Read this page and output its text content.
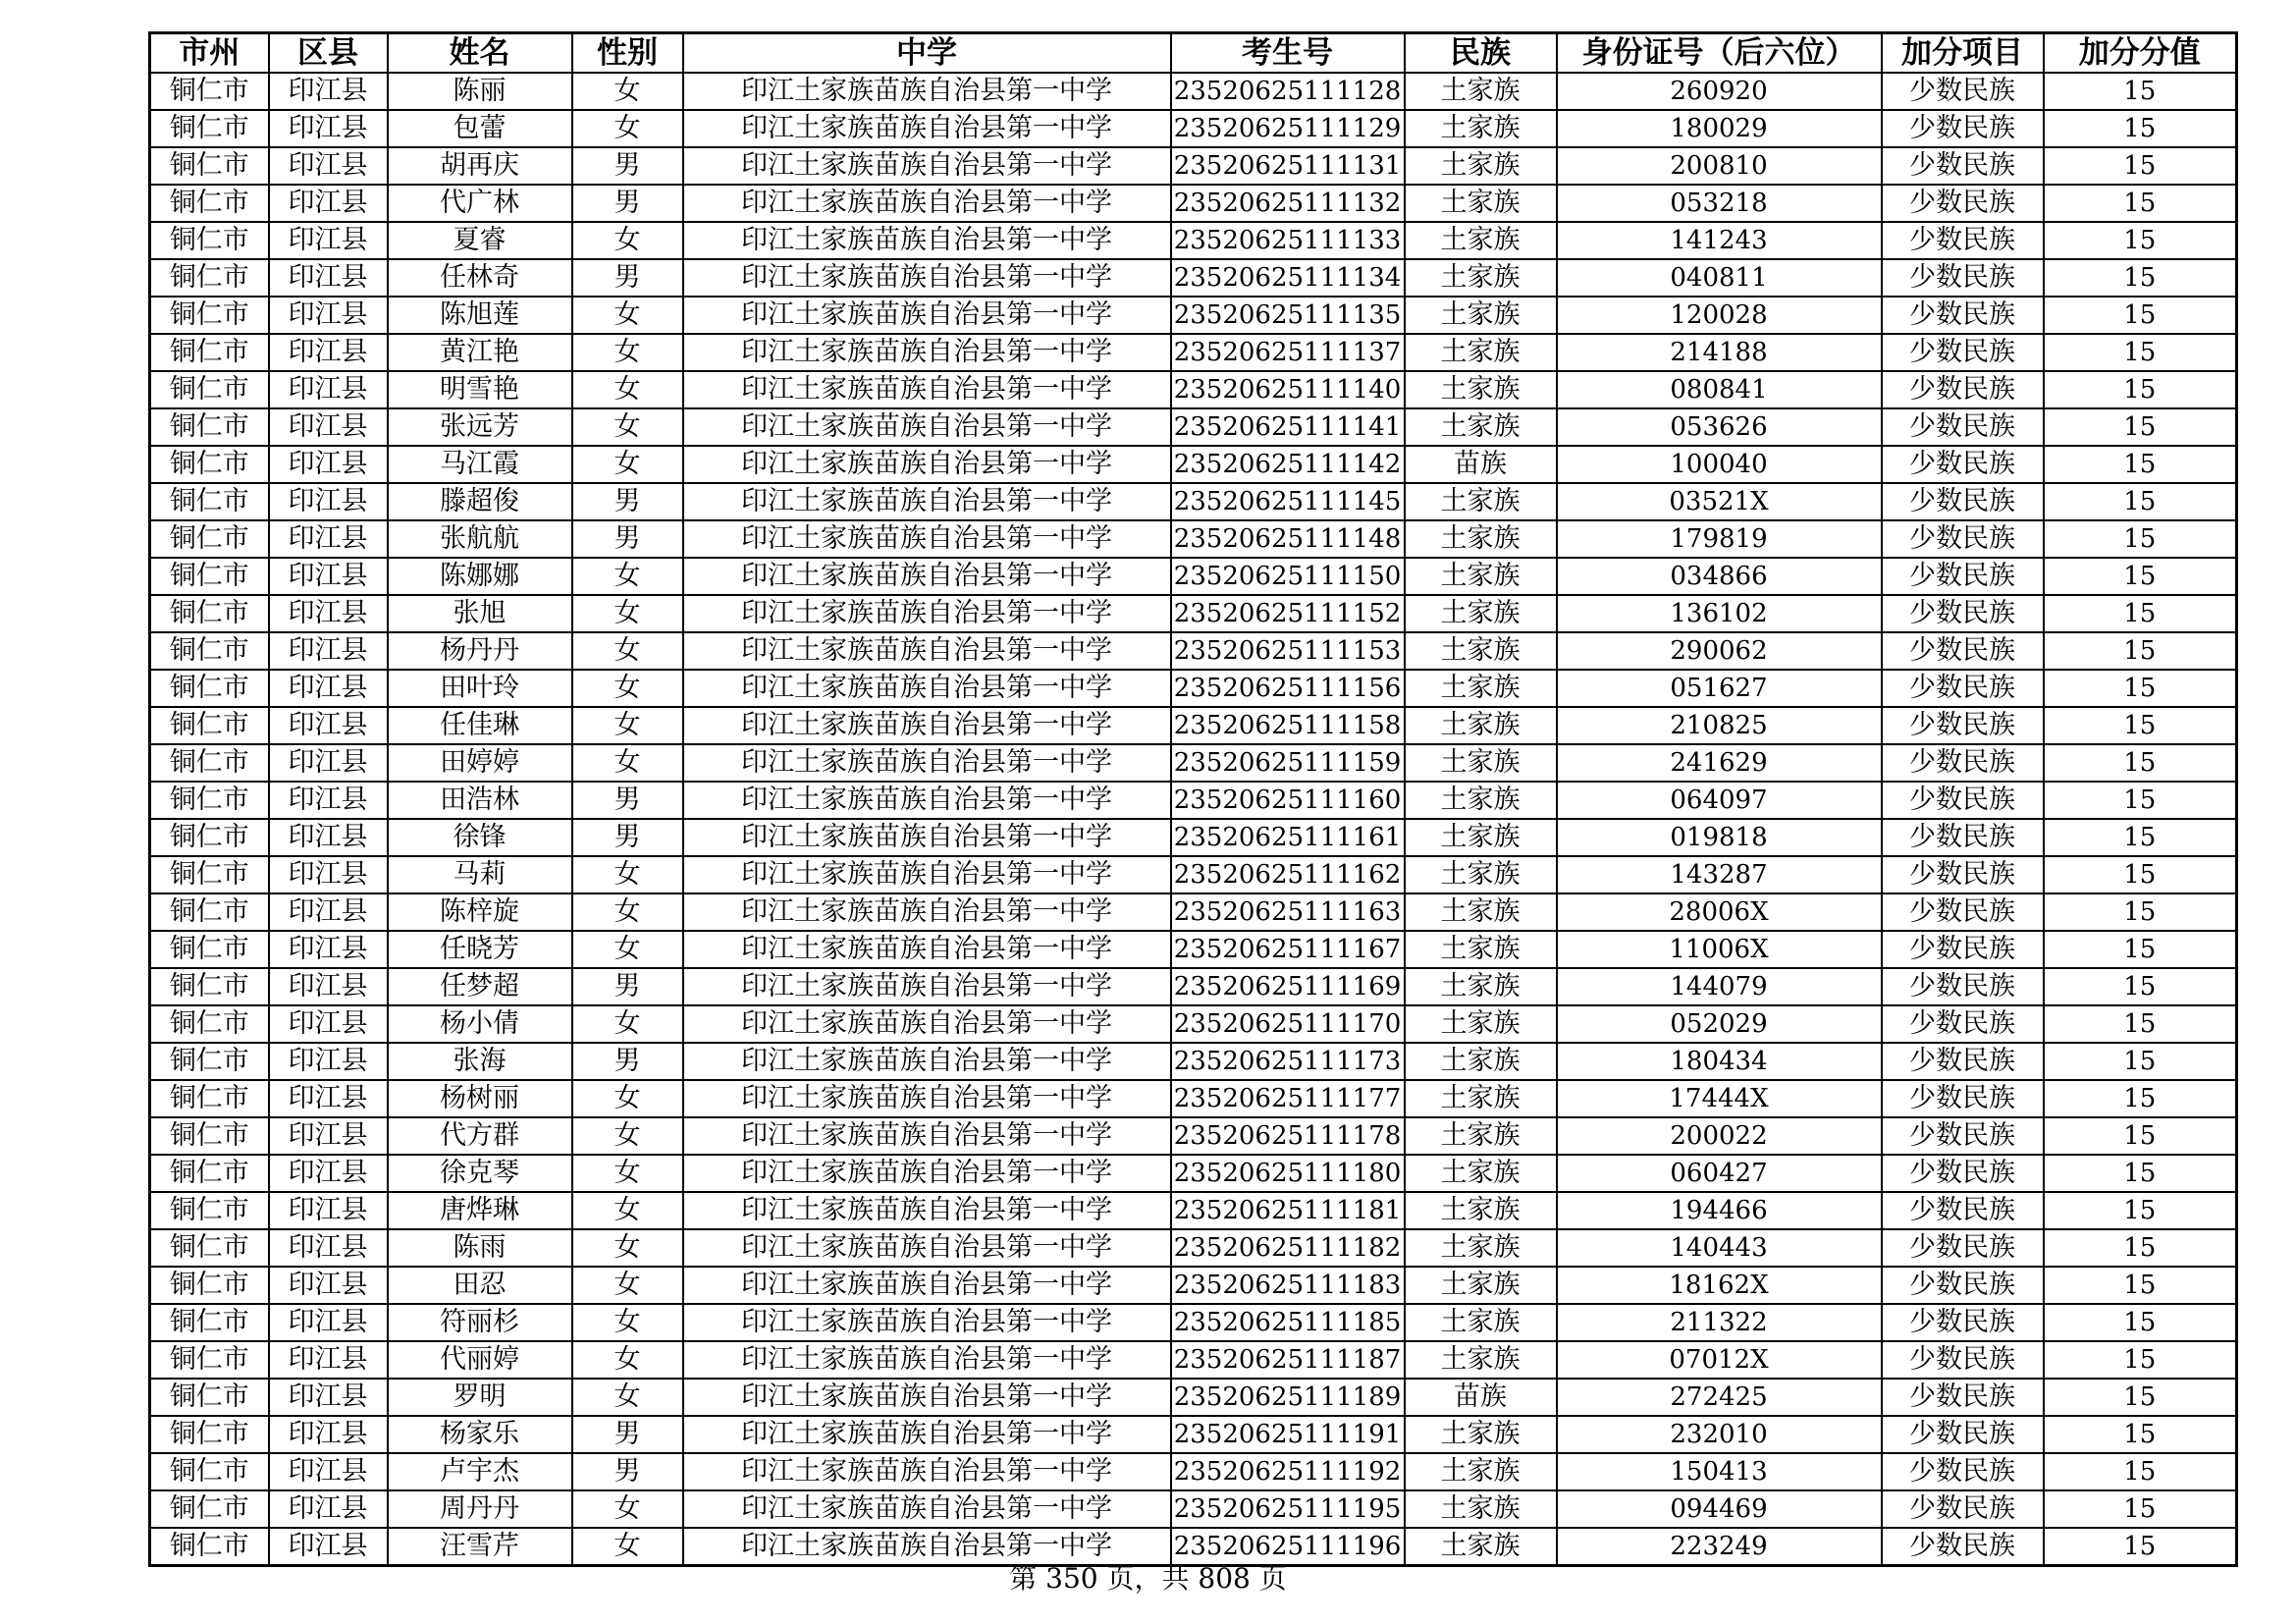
市州	区县	姓名	性别	中学	考生号	民族	身份证号（后六位）	加分项目	加分分值
铜仁市	印江县	陈丽	女	印江土家族苗族自治县第一中学	23520625111128	土家族	260920	少数民族	15
铜仁市	印江县	包蕾	女	印江土家族苗族自治县第一中学	23520625111129	土家族	180029	少数民族	15
铜仁市	印江县	胡再庆	男	印江土家族苗族自治县第一中学	23520625111131	土家族	200810	少数民族	15
铜仁市	印江县	代广林	男	印江土家族苗族自治县第一中学	23520625111132	土家族	053218	少数民族	15
铜仁市	印江县	夏睿	女	印江土家族苗族自治县第一中学	23520625111133	土家族	141243	少数民族	15
铜仁市	印江县	任林奇	男	印江土家族苗族自治县第一中学	23520625111134	土家族	040811	少数民族	15
铜仁市	印江县	陈旭莲	女	印江土家族苗族自治县第一中学	23520625111135	土家族	120028	少数民族	15
铜仁市	印江县	黄江艳	女	印江土家族苗族自治县第一中学	23520625111137	土家族	214188	少数民族	15
铜仁市	印江县	明雪艳	女	印江土家族苗族自治县第一中学	23520625111140	土家族	080841	少数民族	15
铜仁市	印江县	张远芳	女	印江土家族苗族自治县第一中学	23520625111141	土家族	053626	少数民族	15
铜仁市	印江县	马江霞	女	印江土家族苗族自治县第一中学	23520625111142	苗族	100040	少数民族	15
铜仁市	印江县	滕超俊	男	印江土家族苗族自治县第一中学	23520625111145	土家族	03521X	少数民族	15
铜仁市	印江县	张航航	男	印江土家族苗族自治县第一中学	23520625111148	土家族	179819	少数民族	15
铜仁市	印江县	陈娜娜	女	印江土家族苗族自治县第一中学	23520625111150	土家族	034866	少数民族	15
铜仁市	印江县	张旭	女	印江土家族苗族自治县第一中学	23520625111152	土家族	136102	少数民族	15
铜仁市	印江县	杨丹丹	女	印江土家族苗族自治县第一中学	23520625111153	土家族	290062	少数民族	15
铜仁市	印江县	田叶玲	女	印江土家族苗族自治县第一中学	23520625111156	土家族	051627	少数民族	15
铜仁市	印江县	任佳琳	女	印江土家族苗族自治县第一中学	23520625111158	土家族	210825	少数民族	15
铜仁市	印江县	田婷婷	女	印江土家族苗族自治县第一中学	23520625111159	土家族	241629	少数民族	15
铜仁市	印江县	田浩林	男	印江土家族苗族自治县第一中学	23520625111160	土家族	064097	少数民族	15
铜仁市	印江县	徐锋	男	印江土家族苗族自治县第一中学	23520625111161	土家族	019818	少数民族	15
铜仁市	印江县	马莉	女	印江土家族苗族自治县第一中学	23520625111162	土家族	143287	少数民族	15
铜仁市	印江县	陈梓旋	女	印江土家族苗族自治县第一中学	23520625111163	土家族	28006X	少数民族	15
铜仁市	印江县	任晓芳	女	印江土家族苗族自治县第一中学	23520625111167	土家族	11006X	少数民族	15
铜仁市	印江县	任梦超	男	印江土家族苗族自治县第一中学	23520625111169	土家族	144079	少数民族	15
铜仁市	印江县	杨小倩	女	印江土家族苗族自治县第一中学	23520625111170	土家族	052029	少数民族	15
铜仁市	印江县	张海	男	印江土家族苗族自治县第一中学	23520625111173	土家族	180434	少数民族	15
铜仁市	印江县	杨树丽	女	印江土家族苗族自治县第一中学	23520625111177	土家族	17444X	少数民族	15
铜仁市	印江县	代方群	女	印江土家族苗族自治县第一中学	23520625111178	土家族	200022	少数民族	15
铜仁市	印江县	徐克琴	女	印江土家族苗族自治县第一中学	23520625111180	土家族	060427	少数民族	15
铜仁市	印江县	唐烨琳	女	印江土家族苗族自治县第一中学	23520625111181	土家族	194466	少数民族	15
铜仁市	印江县	陈雨	女	印江土家族苗族自治县第一中学	23520625111182	土家族	140443	少数民族	15
铜仁市	印江县	田忍	女	印江土家族苗族自治县第一中学	23520625111183	土家族	18162X	少数民族	15
铜仁市	印江县	符丽杉	女	印江土家族苗族自治县第一中学	23520625111185	土家族	211322	少数民族	15
铜仁市	印江县	代丽婷	女	印江土家族苗族自治县第一中学	23520625111187	土家族	07012X	少数民族	15
铜仁市	印江县	罗明	女	印江土家族苗族自治县第一中学	23520625111189	苗族	272425	少数民族	15
铜仁市	印江县	杨家乐	男	印江土家族苗族自治县第一中学	23520625111191	土家族	232010	少数民族	15
铜仁市	印江县	卢宇杰	男	印江土家族苗族自治县第一中学	23520625111192	土家族	150413	少数民族	15
铜仁市	印江县	周丹丹	女	印江土家族苗族自治县第一中学	23520625111195	土家族	094469	少数民族	15
铜仁市	印江县	汪雪芹	女	印江土家族苗族自治县第一中学	23520625111196	土家族	223249	少数民族	15
第 350 页，共 808 页
